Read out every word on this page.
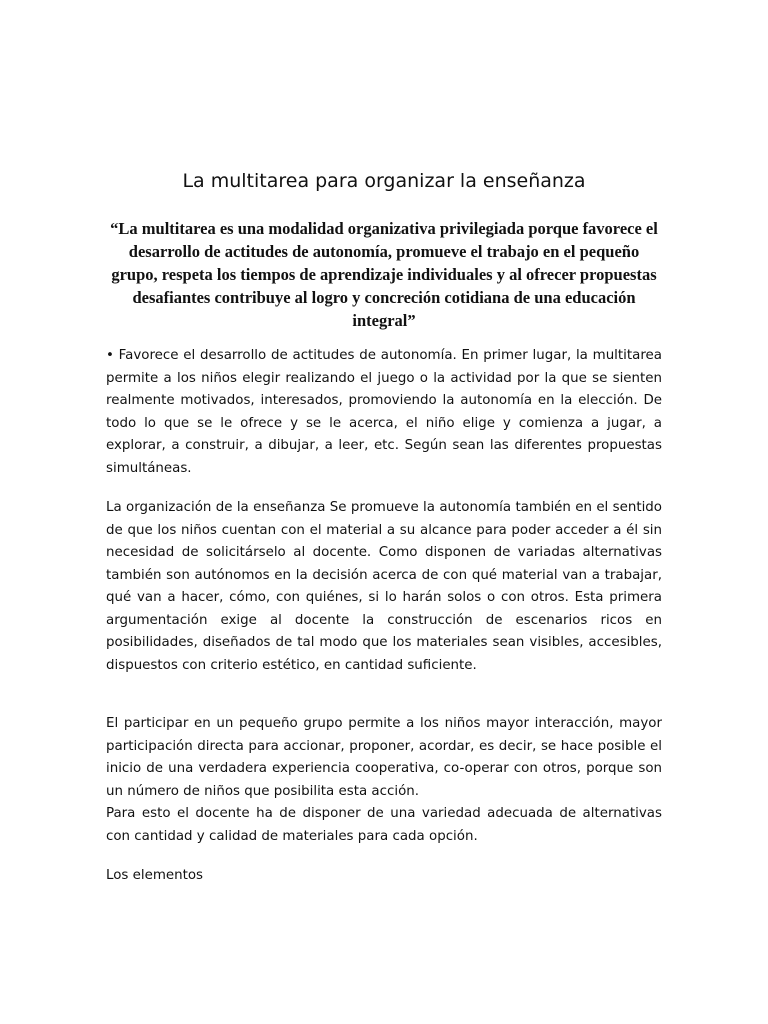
La multitarea para organizar la enseñanza

“La multitarea es una modalidad organizativa privilegiada porque favorece el desarrollo de actitudes de autonomía, promueve el trabajo en el pequeño grupo, respeta los tiempos de aprendizaje individuales y al ofrecer propuestas desafiantes contribuye al logro y concreción cotidiana de una educación integral”

• Favorece el desarrollo de actitudes de autonomía. En primer lugar, la multitarea permite a los niños elegir realizando el juego o la actividad por la que se sienten realmente motivados, interesados, promoviendo la autonomía en la elección. De todo lo que se le ofrece y se le acerca, el niño elige y comienza a jugar, a explorar, a construir, a dibujar, a leer, etc. Según sean las diferentes propuestas simultáneas.

La organización de la enseñanza Se promueve la autonomía también en el sentido de que los niños cuentan con el material a su alcance para poder acceder a él sin necesidad de solicitárselo al docente. Como disponen de variadas alternativas también son autónomos en la decisión acerca de con qué material van a trabajar, qué van a hacer, cómo, con quiénes, si lo harán solos o con otros. Esta primera argumentación exige al docente la construcción de escenarios ricos en posibilidades, diseñados de tal modo que los materiales sean visibles, accesibles, dispuestos con criterio estético, en cantidad suficiente.

El participar en un pequeño grupo permite a los niños mayor interacción, mayor participación directa para accionar, proponer, acordar, es decir, se hace posible el inicio de una verdadera experiencia cooperativa, co-operar con otros, porque son un número de niños que posibilita esta acción.
Para esto el docente ha de disponer de una variedad adecuada de alternativas con cantidad y calidad de materiales para cada opción.

Los elementos
